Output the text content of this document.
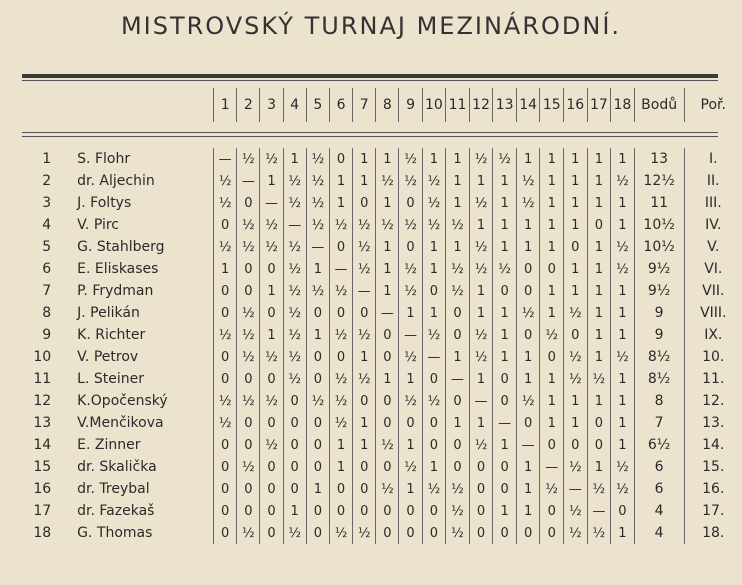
MISTROVSKÝ TURNAJ MEZINÁRODNÍ.
		1	2	3	4	5	6	7	8	9	10	11	12	13	14	15	16	17	18	Bodů	Poř.

1	S. Flohr	—	½	½	1	½	0	1	1	½	1	1	½	½	1	1	1	1	1	13	I.
2	dr. Aljechin	½	—	1	½	½	1	1	½	½	½	1	1	1	½	1	1	1	½	12½	II.
3	J. Foltys	½	0	—	½	½	1	0	1	0	½	1	½	1	½	1	1	1	1	11	III.
4	V. Pirc	0	½	½	—	½	½	½	½	½	½	½	1	1	1	1	1	0	1	10½	IV.
5	G. Stahlberg	½	½	½	½	—	0	½	1	0	1	1	½	1	1	1	0	1	½	10½	V.
6	E. Eliskases	1	0	0	½	1	—	½	1	½	1	½	½	½	0	0	1	1	½	9½	VI.
7	P. Frydman	0	0	1	½	½	½	—	1	½	0	½	1	0	0	1	1	1	1	9½	VII.
8	J. Pelikán	0	½	0	½	0	0	0	—	1	1	0	1	1	½	1	½	1	1	9	VIII.
9	K. Richter	½	½	1	½	1	½	½	0	—	½	0	½	1	0	½	0	1	1	9	IX.
10	V. Petrov	0	½	½	½	0	0	1	0	½	—	1	½	1	1	0	½	1	½	8½	10.
11	L. Steiner	0	0	0	½	0	½	½	1	1	0	—	1	0	1	1	½	½	1	8½	11.
12	K.Opočenský	½	½	½	0	½	½	0	0	½	½	0	—	0	½	1	1	1	1	8	12.
13	V.Menčikova	½	0	0	0	0	½	1	0	0	0	1	1	—	0	1	1	0	1	7	13.
14	E. Zinner	0	0	½	0	0	1	1	½	1	0	0	½	1	—	0	0	0	1	6½	14.
15	dr. Skalička	0	½	0	0	0	1	0	0	½	1	0	0	0	1	—	½	1	½	6	15.
16	dr. Treybal	0	0	0	0	1	0	0	½	1	½	½	0	0	1	½	—	½	½	6	16.
17	dr. Fazekaš	0	0	0	1	0	0	0	0	0	0	½	0	1	1	0	½	—	0	4	17.
18	G. Thomas	0	½	0	½	0	½	½	0	0	0	½	0	0	0	0	½	½	1	4	18.
